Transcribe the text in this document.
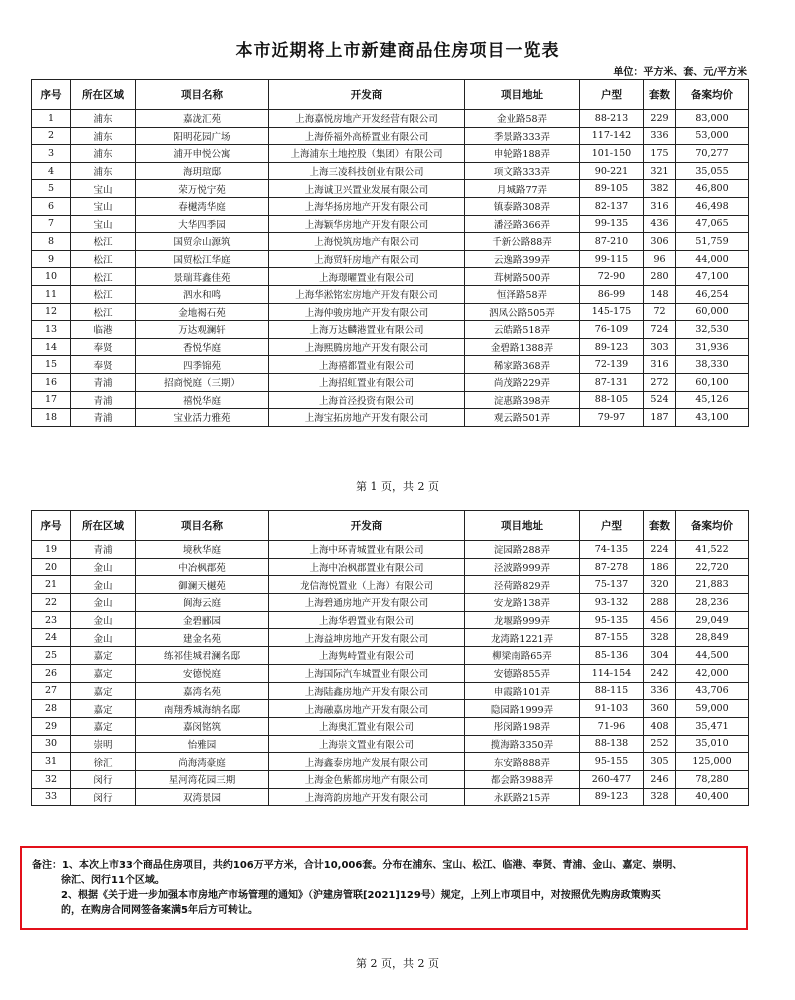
本市近期将上市新建商品住房项目一览表
单位：平方米、套、元/平方米
序号	所在区域	项目名称	开发商	项目地址	户型	套数	备案均价
1	浦东	嘉泷汇苑	上海嘉悦房地产开发经营有限公司	金业路58弄	88-213	229	83,000
2	浦东	阳明花园广场	上海侨福外高桥置业有限公司	季景路333弄	117-142	336	53,000
3	浦东	浦开申悦公寓	上海浦东土地控股（集团）有限公司	申轮路188弄	101-150	175	70,277
4	浦东	海玥瑄邸	上海三凌科技创业有限公司	项文路333弄	90-221	321	35,055
5	宝山	荣万悦宁苑	上海诚卫兴置业发展有限公司	月城路77弄	89-105	382	46,800
6	宝山	春樾湾华庭	上海华扬房地产开发有限公司	镇泰路308弄	82-137	316	46,498
7	宝山	大华四季园	上海颖华房地产开发有限公司	潘泾路366弄	99-135	436	47,065
8	松江	国贸佘山源筑	上海悦筑房地产有限公司	千新公路88弄	87-210	306	51,759
9	松江	国贸松江华庭	上海贸轩房地产有限公司	云逸路399弄	99-115	96	44,000
10	松江	景瑞茸鑫佳苑	上海璟曜置业有限公司	茸树路500弄	72-90	280	47,100
11	松江	泗水和鸣	上海华淞铭宏房地产开发有限公司	恒泽路58弄	86-99	148	46,254
12	松江	金地褐石苑	上海仲骏房地产开发有限公司	泗凤公路505弄	145-175	72	60,000
13	临港	万达观澜轩	上海万达麟港置业有限公司	云皓路518弄	76-109	724	32,530
14	奉贤	香悦华庭	上海熙腾房地产开发有限公司	金碧路1388弄	89-123	303	31,936
15	奉贤	四季锦苑	上海禧都置业有限公司	稀家路368弄	72-139	316	38,330
16	青浦	招商悦庭（三期）	上海招虹置业有限公司	尚茂路229弄	87-131	272	60,100
17	青浦	禧悦华庭	上海首泾投资有限公司	淀惠路398弄	88-105	524	45,126
18	青浦	宝业活力雅苑	上海宝拓房地产开发有限公司	观云路501弄	79-97	187	43,100
第 1 页，共 2 页
序号	所在区域	项目名称	开发商	项目地址	户型	套数	备案均价
19	青浦	境秋华庭	上海中环青城置业有限公司	淀园路288弄	74-135	224	41,522
20	金山	中冶枫郡苑	上海中冶枫郡置业有限公司	泾波路999弄	87-278	186	22,720
21	金山	御澜天樾苑	龙信海悦置业（上海）有限公司	泾荷路829弄	75-137	320	21,883
22	金山	阆海云庭	上海碧通房地产开发有限公司	安龙路138弄	93-132	288	28,236
23	金山	金碧郦园	上海华碧置业有限公司	龙堰路999弄	95-135	456	29,049
24	金山	建金名苑	上海益坤房地产开发有限公司	龙湾路1221弄	87-155	328	28,849
25	嘉定	练祁佳城君澜名邸	上海隽峙置业有限公司	柳梁南路65弄	85-136	304	44,500
26	嘉定	安德悦庭	上海国际汽车城置业有限公司	安德路855弄	114-154	242	42,000
27	嘉定	嘉湾名苑	上海陆鑫房地产开发有限公司	申霞路101弄	88-115	336	43,706
28	嘉定	南翔秀城海纳名邸	上海融嘉房地产开发有限公司	隐园路1999弄	91-103	360	59,000
29	嘉定	嘉闵铭筑	上海奥汇置业有限公司	彤闵路198弄	71-96	408	35,471
30	崇明	怡雅园	上海崇文置业有限公司	揽海路3350弄	88-138	252	35,010
31	徐汇	尚海湾豪庭	上海鑫泰房地产发展有限公司	东安路888弄	95-155	305	125,000
32	闵行	星河湾花园三期	上海金色紫都房地产有限公司	都会路3988弄	260-477	246	78,280
33	闵行	双湾景园	上海湾韵房地产开发有限公司	永跃路215弄	89-123	328	40,400
备注：1、本次上市33个商品住房项目，共约106万平方米，合计10,006套。分布在浦东、宝山、松江、临港、奉贤、青浦、金山、嘉定、崇明、
徐汇、闵行11个区域。
2、根据《关于进一步加强本市房地产市场管理的通知》（沪建房管联[2021]129号）规定，上列上市项目中，对按照优先购房政策购买
的，在购房合同网签备案满5年后方可转让。
第 2 页，共 2 页
